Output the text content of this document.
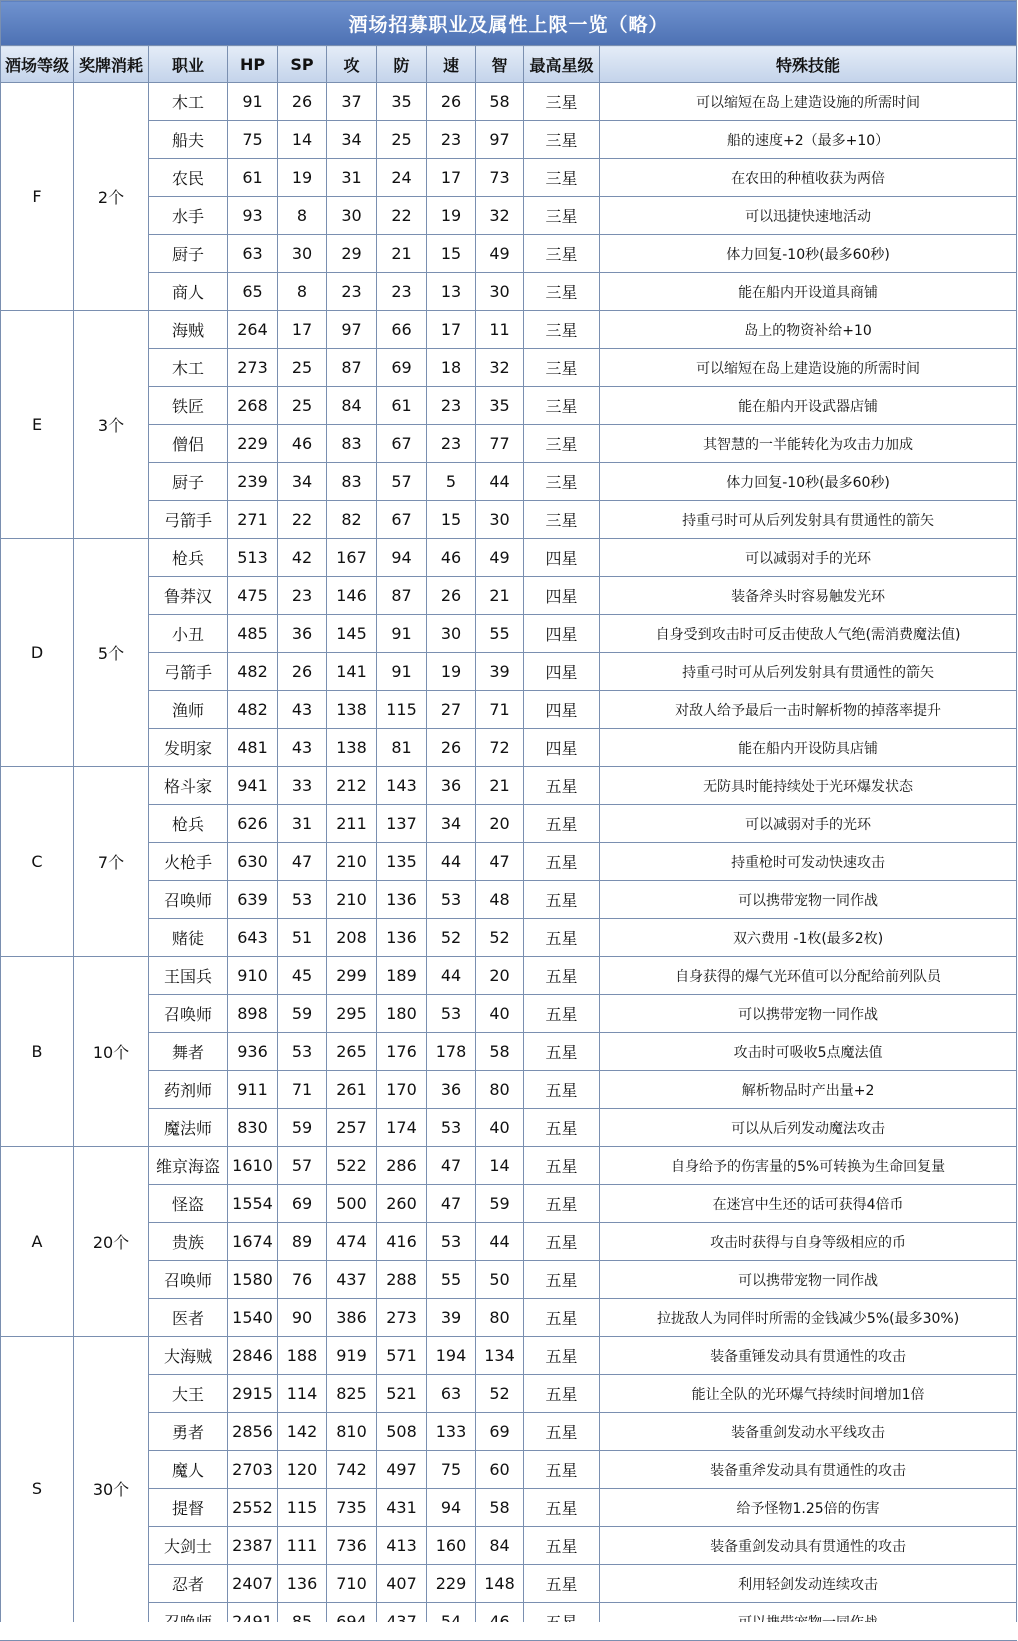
酒场招募职业及属性上限一览（略）										
酒场等级	奖牌消耗	职业	HP	SP	攻	防	速	智	最高星级	特殊技能
F	2个	木工	91	26	37	35	26	58	三星	可以缩短在岛上建造设施的所需时间
		船夫	75	14	34	25	23	97	三星	船的速度+2（最多+10）
		农民	61	19	31	24	17	73	三星	在农田的种植收获为两倍
		水手	93	8	30	22	19	32	三星	可以迅捷快速地活动
		厨子	63	30	29	21	15	49	三星	体力回复-10秒(最多60秒)
		商人	65	8	23	23	13	30	三星	能在船内开设道具商铺
E	3个	海贼	264	17	97	66	17	11	三星	岛上的物资补给+10
		木工	273	25	87	69	18	32	三星	可以缩短在岛上建造设施的所需时间
		铁匠	268	25	84	61	23	35	三星	能在船内开设武器店铺
		僧侣	229	46	83	67	23	77	三星	其智慧的一半能转化为攻击力加成
		厨子	239	34	83	57	5	44	三星	体力回复-10秒(最多60秒)
		弓箭手	271	22	82	67	15	30	三星	持重弓时可从后列发射具有贯通性的箭矢
D	5个	枪兵	513	42	167	94	46	49	四星	可以减弱对手的光环
		鲁莽汉	475	23	146	87	26	21	四星	装备斧头时容易触发光环
		小丑	485	36	145	91	30	55	四星	自身受到攻击时可反击使敌人气绝(需消费魔法值)
		弓箭手	482	26	141	91	19	39	四星	持重弓时可从后列发射具有贯通性的箭矢
		渔师	482	43	138	115	27	71	四星	对敌人给予最后一击时解析物的掉落率提升
		发明家	481	43	138	81	26	72	四星	能在船内开设防具店铺
C	7个	格斗家	941	33	212	143	36	21	五星	无防具时能持续处于光环爆发状态
		枪兵	626	31	211	137	34	20	五星	可以减弱对手的光环
		火枪手	630	47	210	135	44	47	五星	持重枪时可发动快速攻击
		召唤师	639	53	210	136	53	48	五星	可以携带宠物一同作战
		赌徒	643	51	208	136	52	52	五星	双六费用 -1枚(最多2枚)
B	10个	王国兵	910	45	299	189	44	20	五星	自身获得的爆气光环值可以分配给前列队员
		召唤师	898	59	295	180	53	40	五星	可以携带宠物一同作战
		舞者	936	53	265	176	178	58	五星	攻击时可吸收5点魔法值
		药剂师	911	71	261	170	36	80	五星	解析物品时产出量+2
		魔法师	830	59	257	174	53	40	五星	可以从后列发动魔法攻击
A	20个	维京海盗	1610	57	522	286	47	14	五星	自身给予的伤害量的5%可转换为生命回复量
		怪盗	1554	69	500	260	47	59	五星	在迷宫中生还的话可获得4倍币
		贵族	1674	89	474	416	53	44	五星	攻击时获得与自身等级相应的币
		召唤师	1580	76	437	288	55	50	五星	可以携带宠物一同作战
		医者	1540	90	386	273	39	80	五星	拉拢敌人为同伴时所需的金钱减少5%(最多30%)
S	30个	大海贼	2846	188	919	571	194	134	五星	装备重锤发动具有贯通性的攻击
		大王	2915	114	825	521	63	52	五星	能让全队的光环爆气持续时间增加1倍
		勇者	2856	142	810	508	133	69	五星	装备重剑发动水平线攻击
		魔人	2703	120	742	497	75	60	五星	装备重斧发动具有贯通性的攻击
		提督	2552	115	735	431	94	58	五星	给予怪物1.25倍的伤害
		大剑士	2387	111	736	413	160	84	五星	装备重剑发动具有贯通性的攻击
		忍者	2407	136	710	407	229	148	五星	利用轻剑发动连续攻击
